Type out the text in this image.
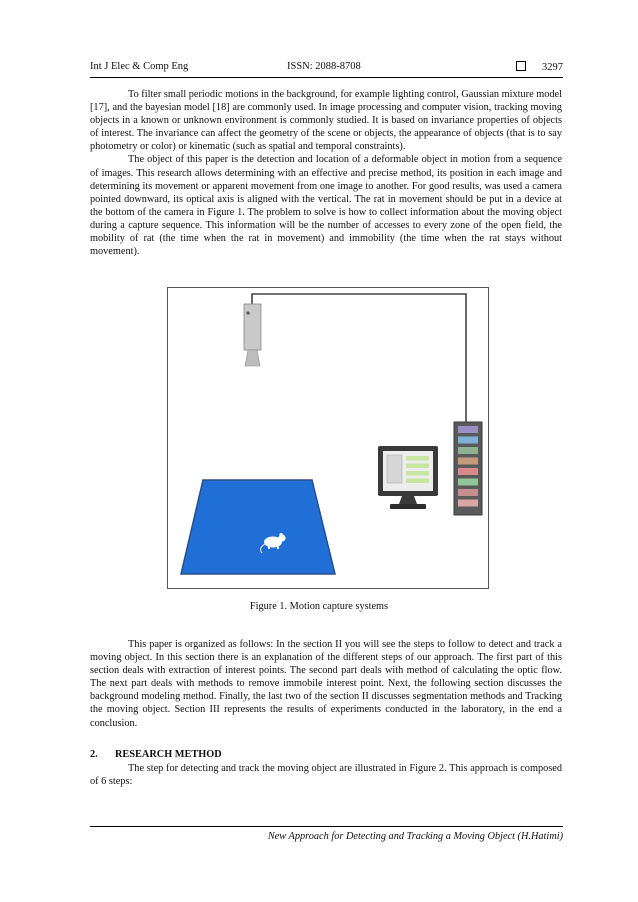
Int J Elec & Comp Eng	ISSN: 2088-8708	3297

To filter small periodic motions in the background, for example lighting control, Gaussian mixture model [17], and the bayesian model [18] are commonly used. In image processing and computer vision, tracking moving objects in a known or unknown environment is commonly studied. It is based on invariance properties of objects of interest. The invariance can affect the geometry of the scene or objects, the appearance of objects (that is to say photometry or color) or kinematic (such as spatial and temporal constraints).

The object of this paper is the detection and location of a deformable object in motion from a sequence of images. This research allows determining with an effective and precise method, its position in each image and determining its movement or apparent movement from one image to another. For good results, was used a camera pointed downward, its optical axis is aligned with the vertical. The rat in movement should be put in a device at the bottom of the camera in Figure 1. The problem to solve is how to collect information about the moving object during a capture sequence. This information will be the number of accesses to every zone of the open field, the mobility of rat (the time when the rat in movement) and immobility (the time when the rat stays without movement).

Figure 1. Motion capture systems

This paper is organized as follows: In the section II you will see the steps to follow to detect and track a moving object. In this section there is an explanation of the different steps of our approach. The first part of this section deals with extraction of interest points. The second part deals with method of calculating the optic flow. The next part deals with methods to remove immobile interest point. Next, the following section discusses the background modeling method. Finally, the last two of the section II discusses segmentation methods and Tracking the moving object. Section III represents the results of experiments conducted in the laboratory, in the end a conclusion.

2. RESEARCH METHOD

The step for detecting and track the moving object are illustrated in Figure 2. This approach is composed of 6 steps:

New Approach for Detecting and Tracking a Moving Object (H.Hatimi)
